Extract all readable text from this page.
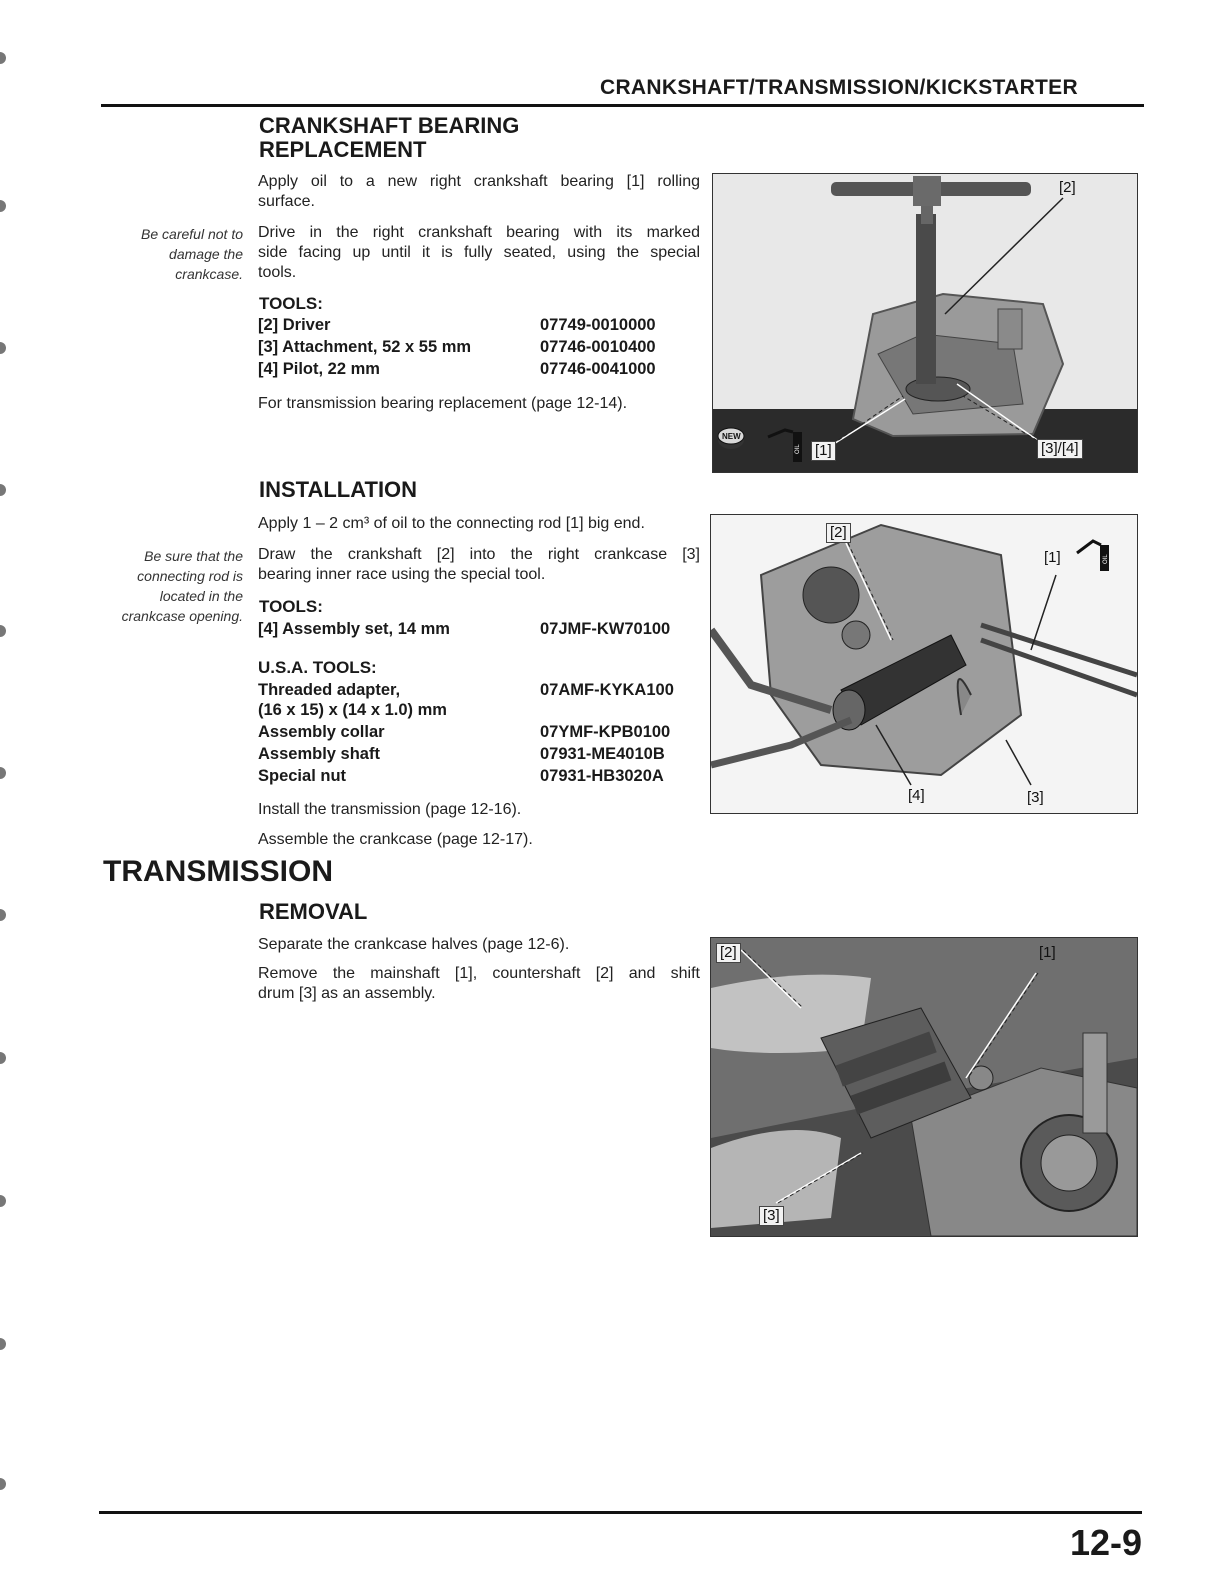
CRANKSHAFT/TRANSMISSION/KICKSTARTER
CRANKSHAFT BEARING
REPLACEMENT
Apply oil to a new right crankshaft bearing [1] rolling
surface.
Be careful not to
damage the
crankcase.
Drive in the right crankshaft bearing with its marked
side facing up until it is fully seated, using the special
tools.
TOOLS:
[2] Driver	07749-0010000
[3] Attachment, 52 x 55 mm	07746-0010400
[4] Pilot, 22 mm	07746-0041000
For transmission bearing replacement (page 12-14).
NEW
OIL
[2]
[1]	[3]/[4]
INSTALLATION
Apply 1 – 2 cm³ of oil to the connecting rod [1] big end.
Be sure that the
connecting rod is
located in the
crankcase opening.
Draw the crankshaft [2] into the right crankcase [3]
bearing inner race using the special tool.
TOOLS:
[4] Assembly set, 14 mm	07JMF-KW70100
U.S.A. TOOLS:
Threaded adapter,	07AMF-KYKA100
(16 x 15) x (14 x 1.0) mm
Assembly collar	07YMF-KPB0100
Assembly shaft	07931-ME4010B
Special nut	07931-HB3020A
Install the transmission (page 12-16).
Assemble the crankcase (page 12-17).
OIL
[2]
[1]
[4]	[3]
TRANSMISSION
REMOVAL
Separate the crankcase halves (page 12-6).
Remove the mainshaft [1], countershaft [2] and shift
drum [3] as an assembly.
[2]	[1]
[3]
12-9
